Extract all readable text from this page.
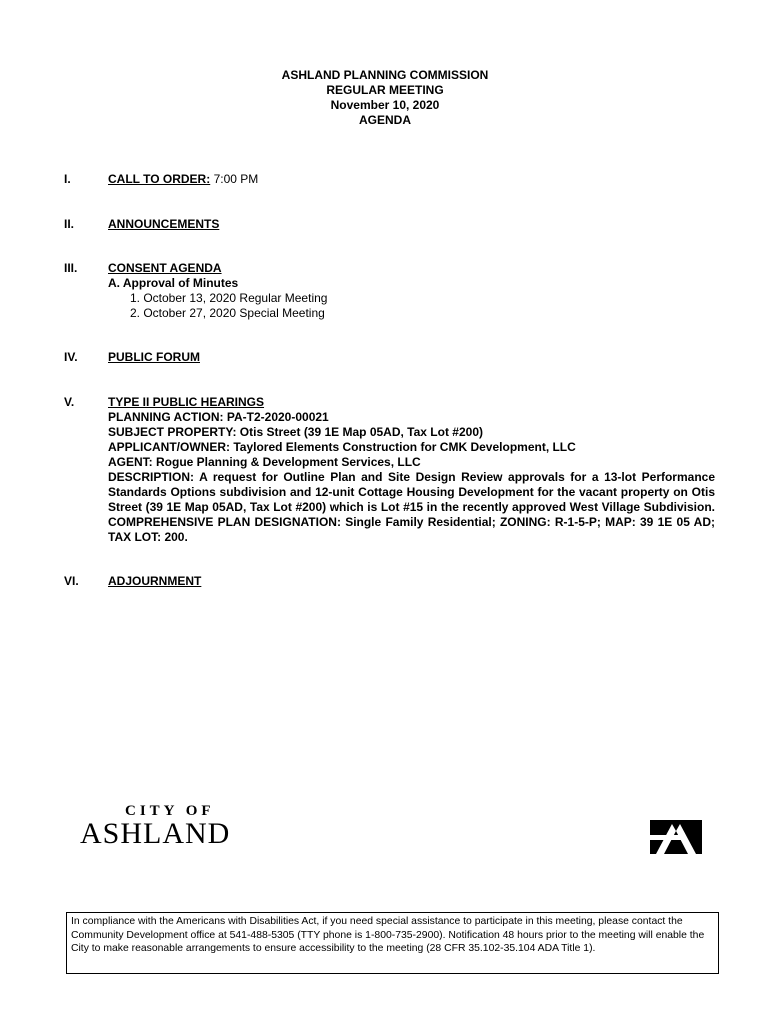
ASHLAND PLANNING COMMISSION
REGULAR MEETING
November 10, 2020
AGENDA
I.	CALL TO ORDER: 7:00 PM
II.	ANNOUNCEMENTS
III.	CONSENT AGENDA
A. Approval of Minutes
1. October 13, 2020 Regular Meeting
2. October 27, 2020 Special Meeting
IV.	PUBLIC FORUM
V.	TYPE II PUBLIC HEARINGS
PLANNING ACTION: PA-T2-2020-00021
SUBJECT PROPERTY: Otis Street (39 1E Map 05AD, Tax Lot #200)
APPLICANT/OWNER: Taylored Elements Construction for CMK Development, LLC
AGENT: Rogue Planning & Development Services, LLC
DESCRIPTION: A request for Outline Plan and Site Design Review approvals for a 13-lot Performance Standards Options subdivision and 12-unit Cottage Housing Development for the vacant property on Otis Street (39 1E Map 05AD, Tax Lot #200) which is Lot #15 in the recently approved West Village Subdivision. COMPREHENSIVE PLAN DESIGNATION: Single Family Residential; ZONING: R-1-5-P; MAP: 39 1E 05 AD; TAX LOT: 200.
VI. ADJOURNMENT
CITY OF
ASHLAND
In compliance with the Americans with Disabilities Act, if you need special assistance to participate in this meeting, please contact the Community Development office at 541-488-5305 (TTY phone is 1-800-735-2900). Notification 48 hours prior to the meeting will enable the City to make reasonable arrangements to ensure accessibility to the meeting (28 CFR 35.102-35.104 ADA Title 1).
